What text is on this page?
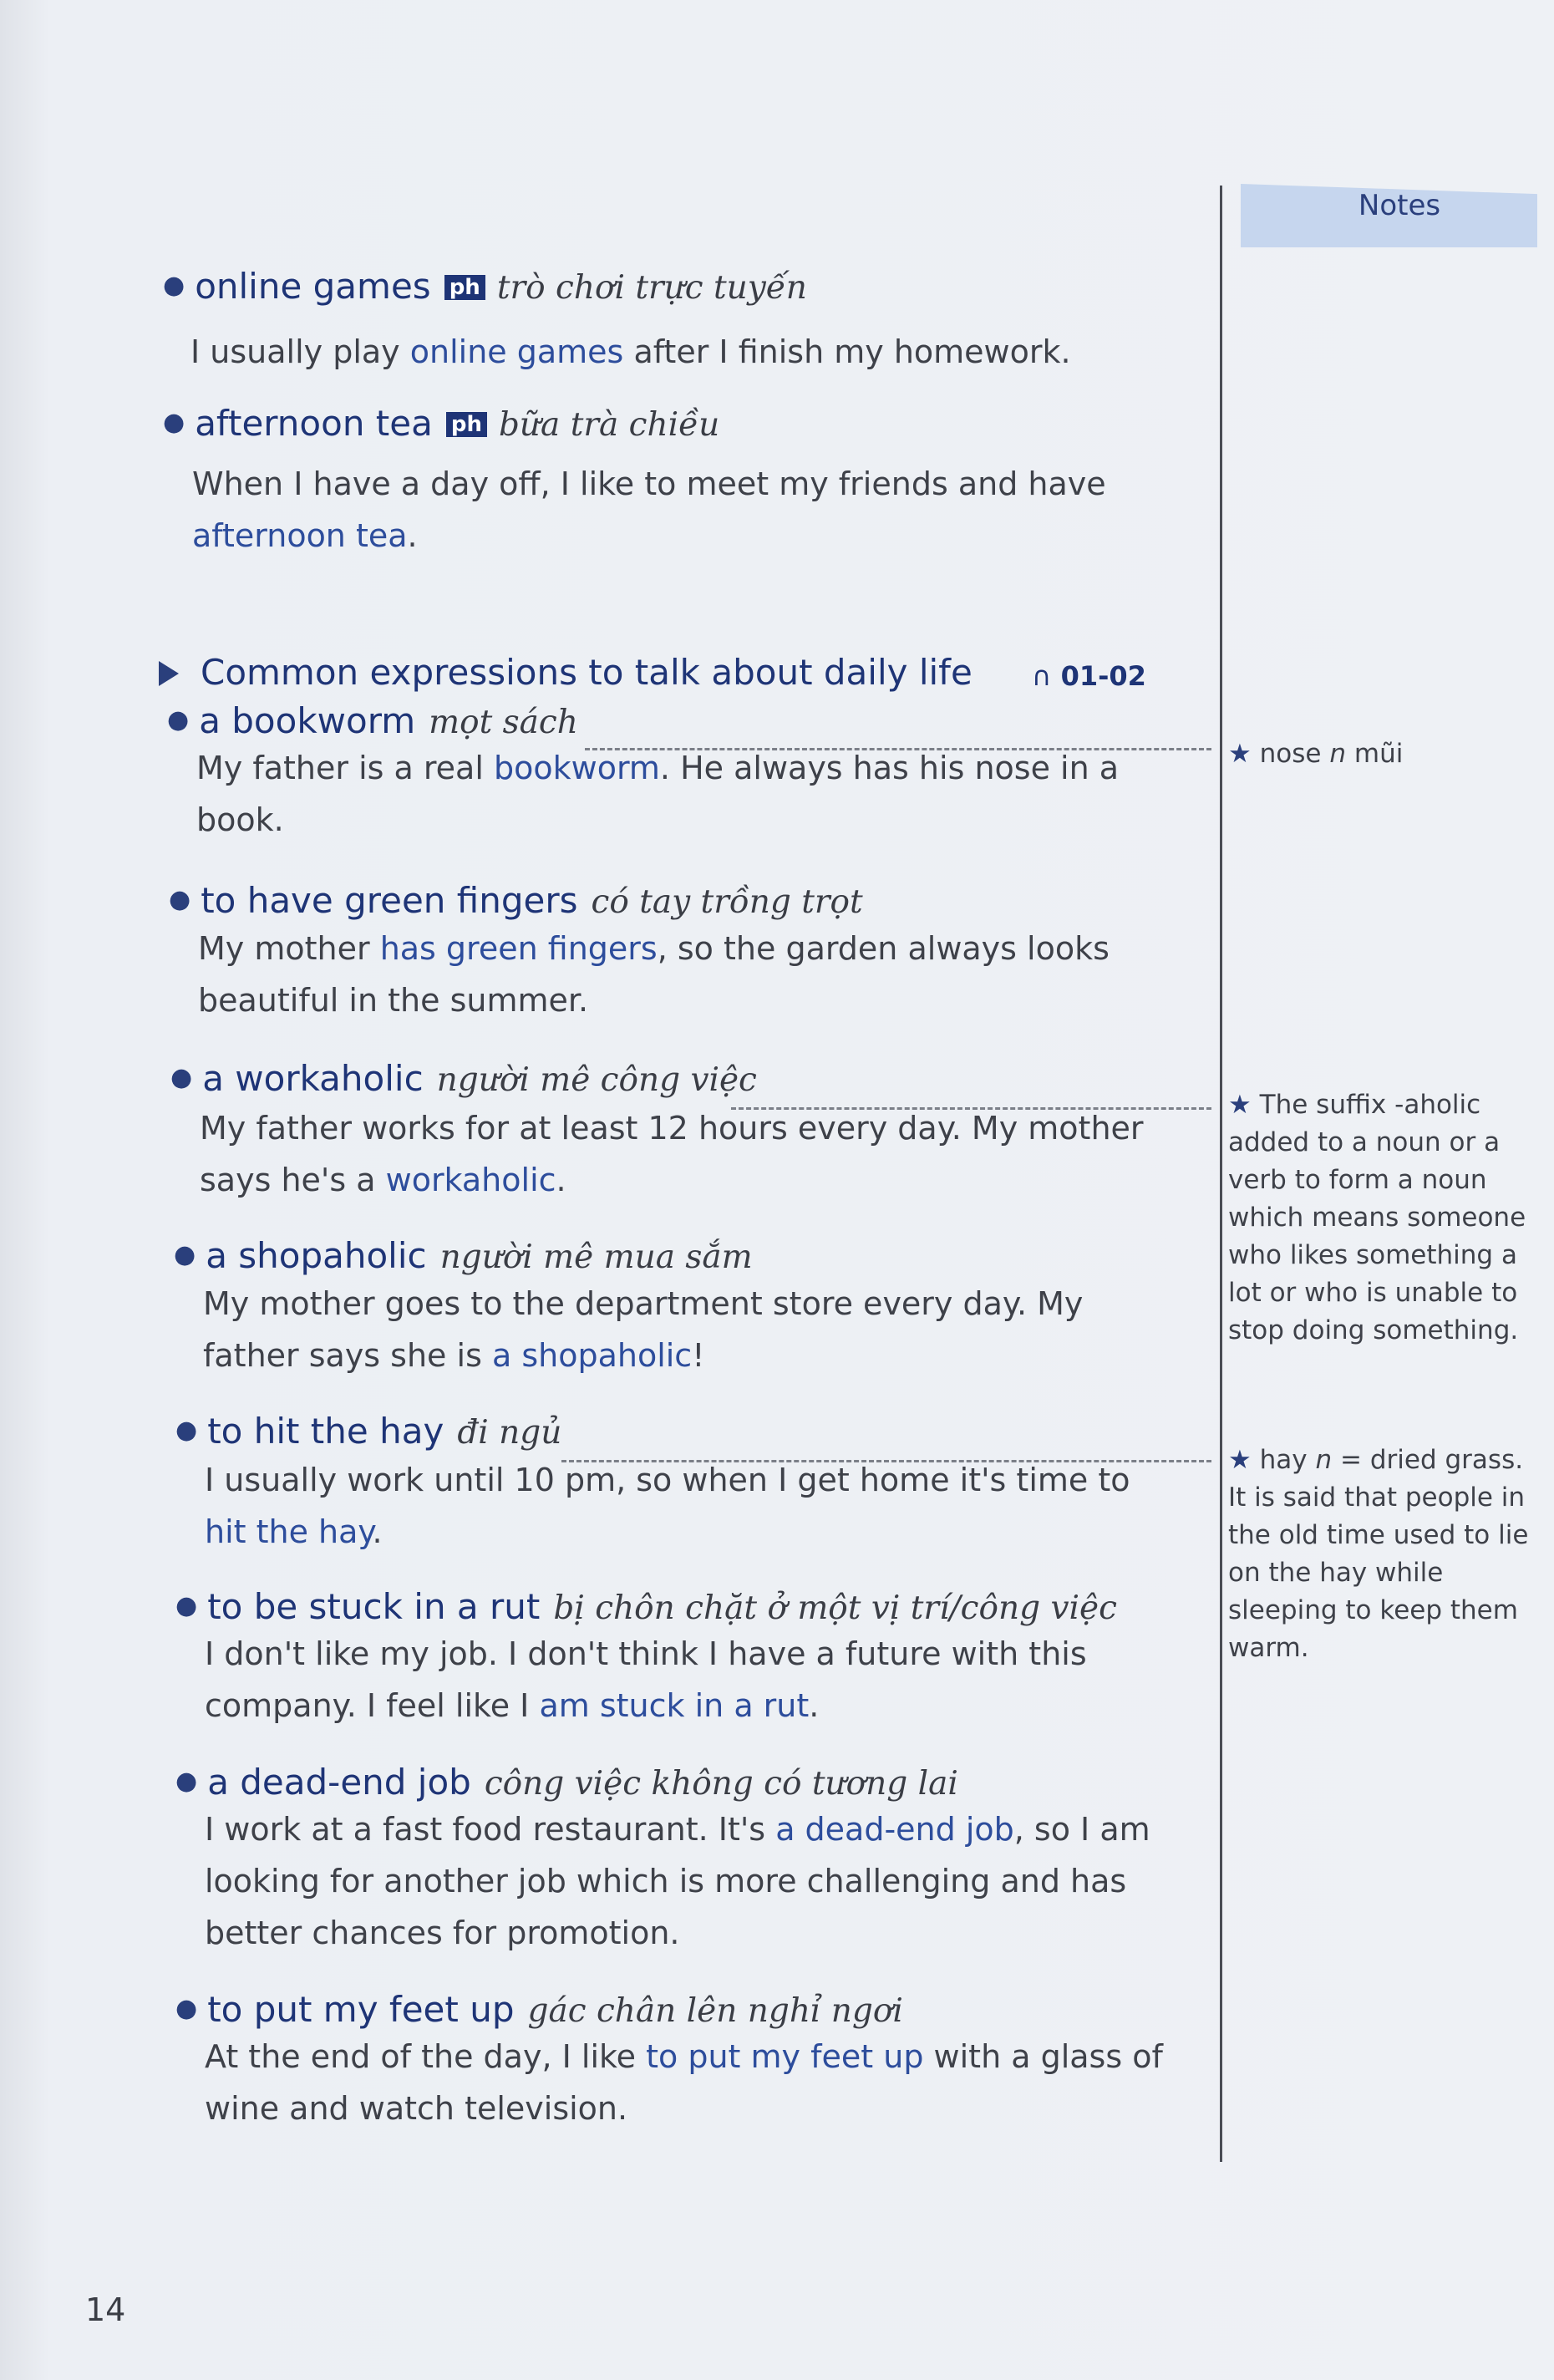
Notes
● online games ph trò chơi trực tuyến
I usually play online games after I finish my homework.
● afternoon tea ph bữa trà chiều
When I have a day off, I like to meet my friends and have afternoon tea.
Common expressions to talk about daily life ∩ 01-02
● a bookworm mọt sách
My father is a real bookworm. He always has his nose in a book.
● to have green fingers có tay trồng trọt
My mother has green fingers, so the garden always looks beautiful in the summer.
● a workaholic người mê công việc
My father works for at least 12 hours every day. My mother says he's a workaholic.
● a shopaholic người mê mua sắm
My mother goes to the department store every day. My father says she is a shopaholic!
● to hit the hay đi ngủ
I usually work until 10 pm, so when I get home it's time to hit the hay.
● to be stuck in a rut bị chôn chặt ở một vị trí/công việc
I don't like my job. I don't think I have a future with this company. I feel like I am stuck in a rut.
● a dead-end job công việc không có tương lai
I work at a fast food restaurant. It's a dead-end job, so I am looking for another job which is more challenging and has better chances for promotion.
● to put my feet up gác chân lên nghỉ ngơi
At the end of the day, I like to put my feet up with a glass of wine and watch television.
★ nose n mũi
★ The suffix -aholic added to a noun or a verb to form a noun which means someone who likes something a lot or who is unable to stop doing something.
★ hay n = dried grass. It is said that people in the old time used to lie on the hay while sleeping to keep them warm.
14
